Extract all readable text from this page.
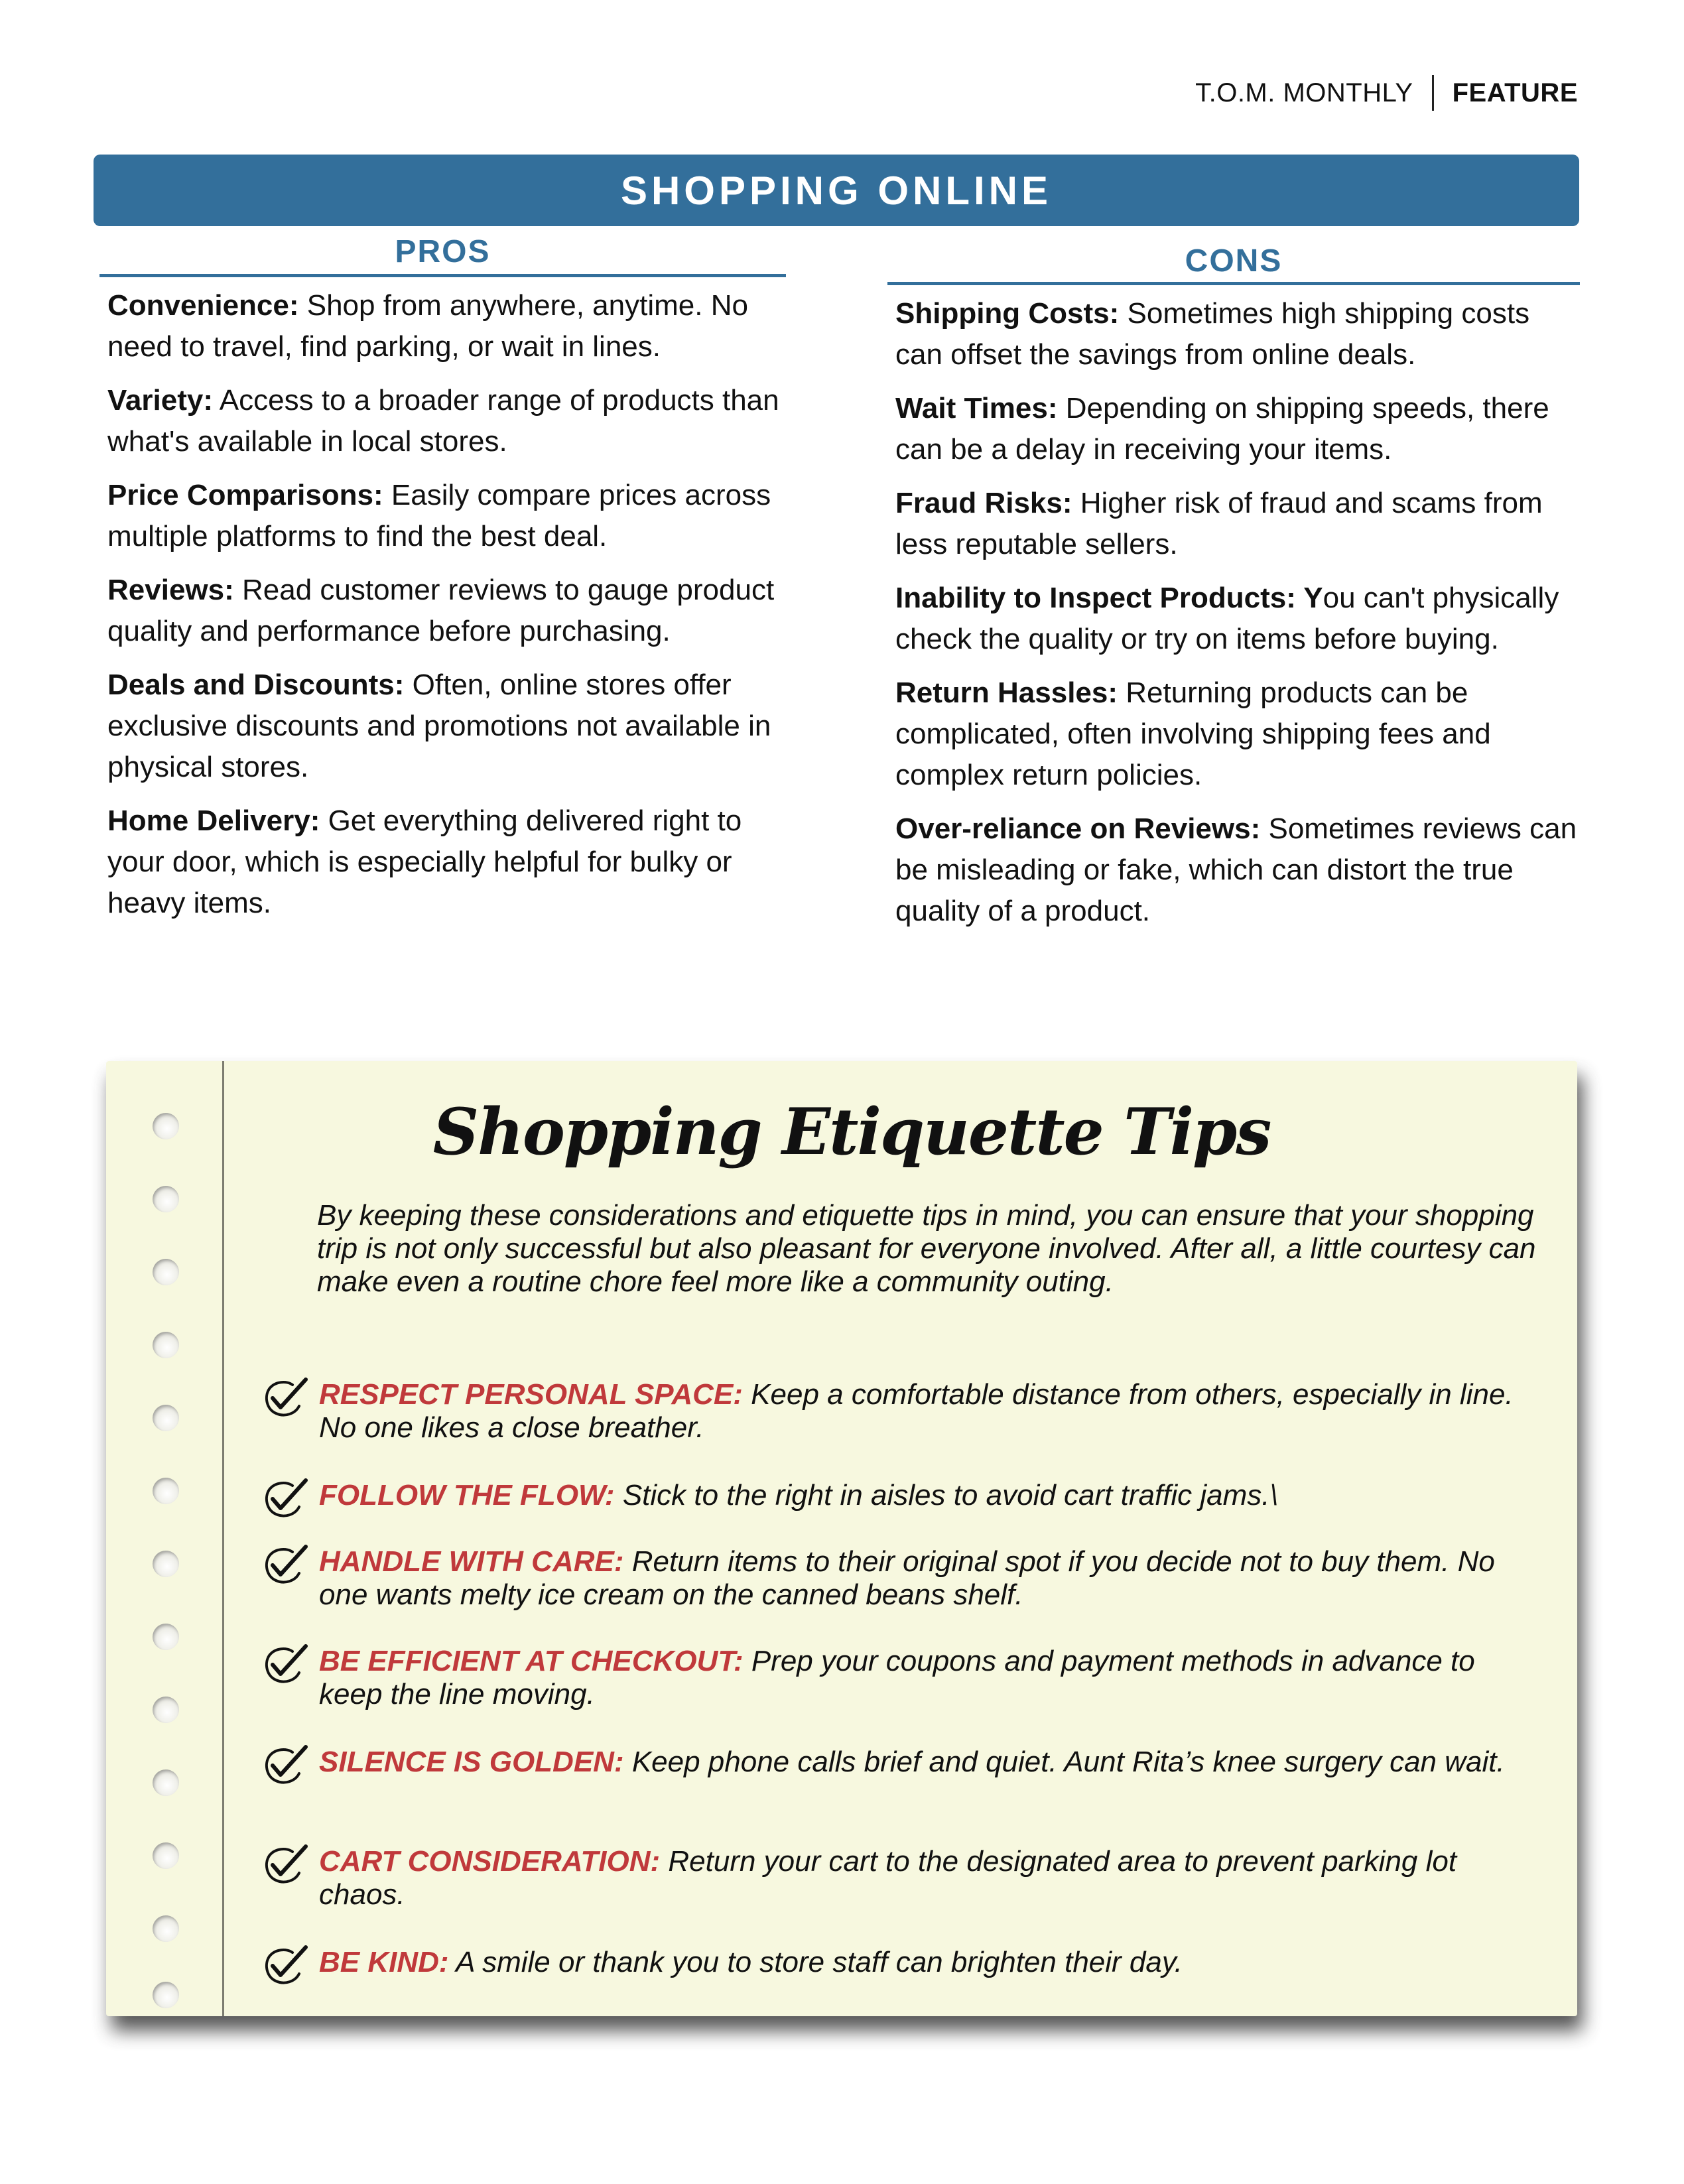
T.O.M. MONTHLY FEATURE
SHOPPING ONLINE
PROS

Convenience: Shop from anywhere, anytime. No need to travel, find parking, or wait in lines.

Variety: Access to a broader range of products than what's available in local stores.

Price Comparisons: Easily compare prices across multiple platforms to find the best deal.

Reviews: Read customer reviews to gauge product quality and performance before purchasing.

Deals and Discounts: Often, online stores offer exclusive discounts and promotions not available in physical stores.

Home Delivery: Get everything delivered right to your door, which is especially helpful for bulky or heavy items.

CONS

Shipping Costs: Sometimes high shipping costs can offset the savings from online deals.

Wait Times: Depending on shipping speeds, there can be a delay in receiving your items.

Fraud Risks: Higher risk of fraud and scams from less reputable sellers.

Inability to Inspect Products: You can't physically check the quality or try on items before buying.

Return Hassles: Returning products can be complicated, often involving shipping fees and complex return policies.

Over-reliance on Reviews: Sometimes reviews can be misleading or fake, which can distort the true quality of a product.

Shopping Etiquette Tips
By keeping these considerations and etiquette tips in mind, you can ensure that your shopping trip is not only successful but also pleasant for everyone involved. After all, a little courtesy can make even a routine chore feel more like a community outing.
RESPECT PERSONAL SPACE: Keep a comfortable distance from others, especially in line. No one likes a close breather.
FOLLOW THE FLOW: Stick to the right in aisles to avoid cart traffic jams.\
HANDLE WITH CARE: Return items to their original spot if you decide not to buy them. No one wants melty ice cream on the canned beans shelf.
BE EFFICIENT AT CHECKOUT: Prep your coupons and payment methods in advance to keep the line moving.
SILENCE IS GOLDEN: Keep phone calls brief and quiet. Aunt Rita’s knee surgery can wait.
CART CONSIDERATION: Return your cart to the designated area to prevent parking lot chaos.
BE KIND: A smile or thank you to store staff can brighten their day.
